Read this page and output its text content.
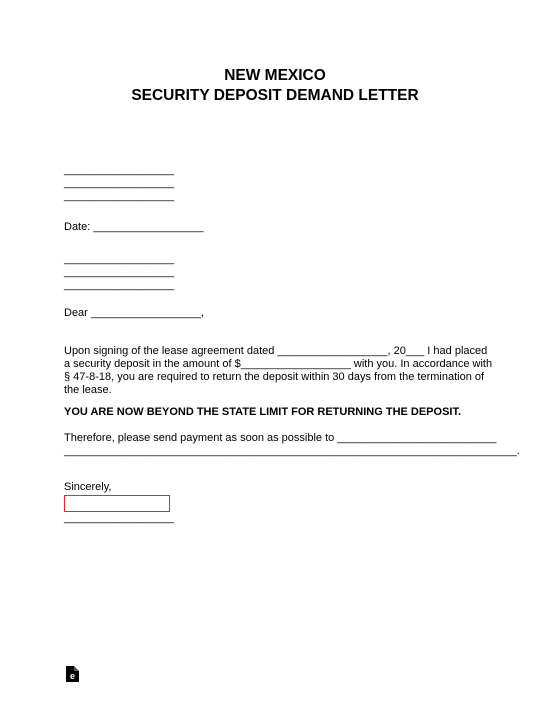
NEW MEXICO
SECURITY DEPOSIT DEMAND LETTER

__________________

__________________

__________________

Date: __________________

__________________

__________________

__________________

Dear __________________,

Upon signing of the lease agreement dated __________________, 20___ I had placed a security deposit in the amount of $__________________ with you. In accordance with § 47-8-18, you are required to return the deposit within 30 days from the termination of the lease.

YOU ARE NOW BEYOND THE STATE LIMIT FOR RETURNING THE DEPOSIT.

Therefore, please send payment as soon as possible to __________________________

__________________________________________________________________________.

Sincerely,

__________________
e
